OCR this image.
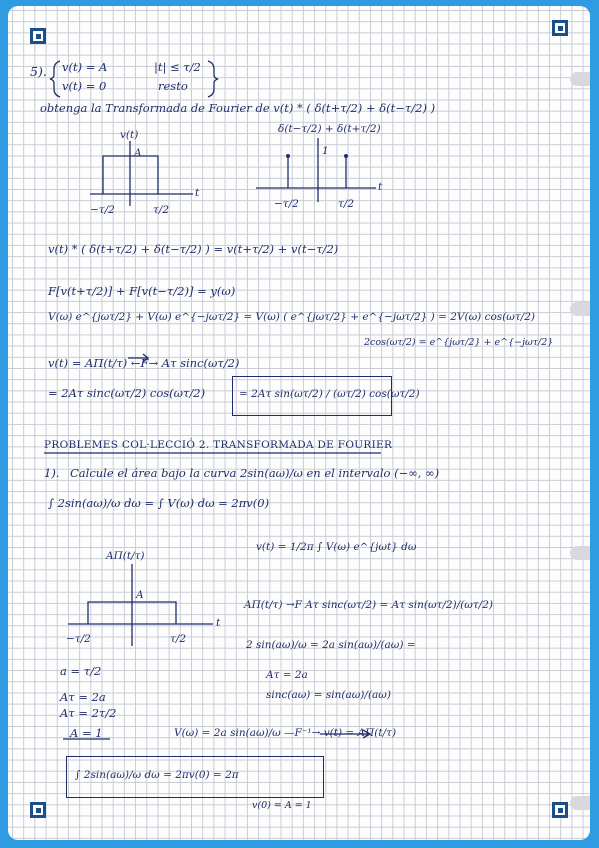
5). v(t) = A	|t| ≤ τ/2
v(t) = 0	resto
obtenga la Transformada de Fourier de v(t) * ( δ(t+τ/2) + δ(t−τ/2) )
v(t)
A
−τ/2	τ/2
t
δ(t−τ/2) + δ(t+τ/2)
1
−τ/2	τ/2
t
v(t) * ( δ(t+τ/2) + δ(t−τ/2) ) = v(t+τ/2) + v(t−τ/2)
F[v(t+τ/2)] + F[v(t−τ/2)] = y(ω)
V(ω) e^{jωτ/2} + V(ω) e^{−jωτ/2} = V(ω) ( e^{jωτ/2} + e^{−jωτ/2} ) = 2V(ω) cos(ωτ/2)
2cos(ωτ/2) = e^{jωτ/2} + e^{−jωτ/2}
v(t) = AΠ(t/τ) ←F→ Aτ sinc(ωτ/2)
= 2Aτ sinc(ωτ/2) cos(ωτ/2)	= 2Aτ sin(ωτ/2) / (ωτ/2) cos(ωτ/2)
PROBLEMES COL·LECCIÓ 2. TRANSFORMADA DE FOURIER
1). Calcule el área bajo la curva 2sin(aω)/ω en el intervalo (−∞, ∞)
∫ 2sin(aω)/ω dω = ∫ V(ω) dω = 2πv(0)
v(t) = 1/2π ∫ V(ω) e^{jωt} dω
AΠ(t/τ)
A
−τ/2	τ/2
t
AΠ(t/τ) →F Aτ sinc(ωτ/2) = Aτ sin(ωτ/2)/(ωτ/2)
2 sin(aω)/ω = 2a sin(aω)/(aω) =
Aτ = 2a
sinc(aω) = sin(aω)/(aω)
a = τ/2
Aτ = 2a
Aτ = 2τ/2
A = 1	V(ω) = 2a sin(aω)/ω —F⁻¹→ v(t) = AΠ(t/τ)
∫ 2sin(aω)/ω dω = 2πv(0) = 2π
v(0) = A = 1
